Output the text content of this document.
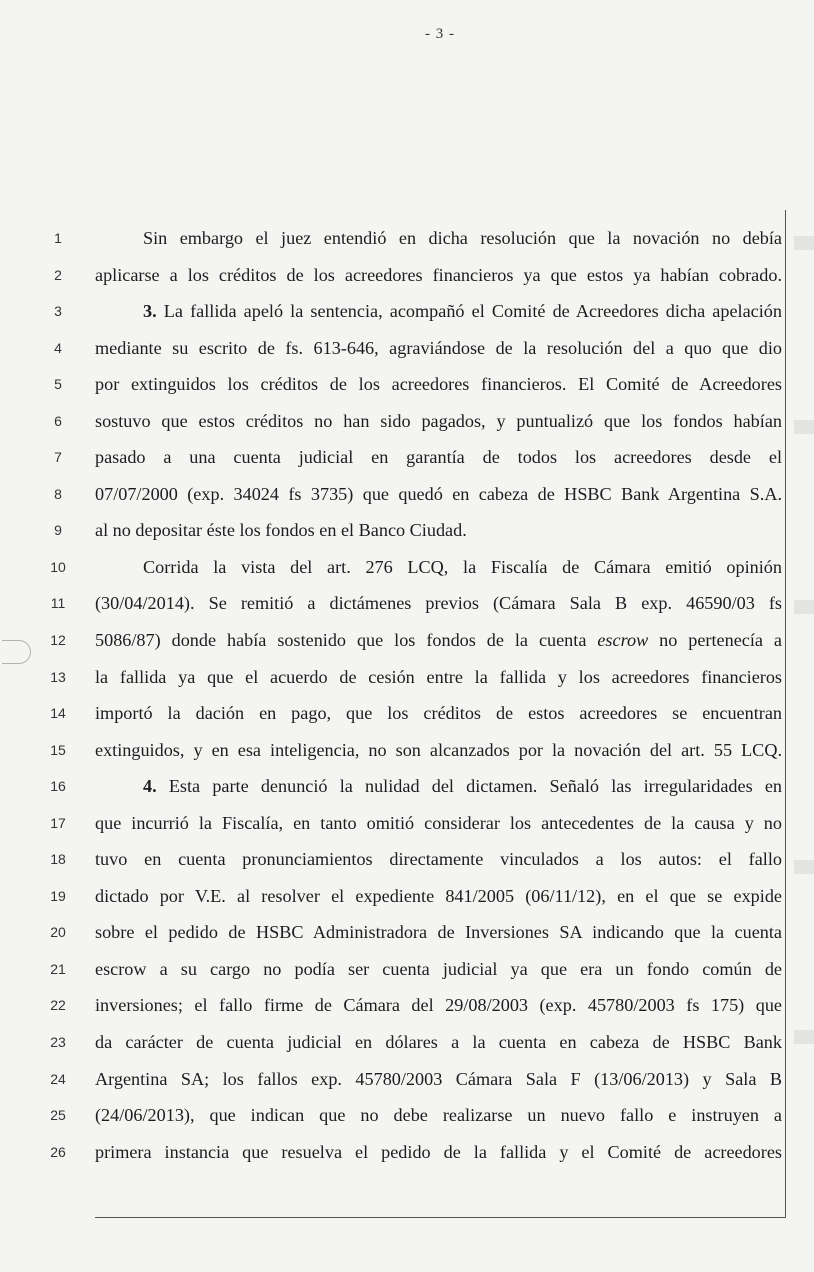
- 3 -
1
2
3
4
5
6
7
8
9
10
11
12
13
14
15
16
17
18
19
20
21
22
23
24
25
26
Sin embargo el juez entendió en dicha resolución que la novación no debía
aplicarse a los créditos de los acreedores financieros ya que estos ya habían cobrado.
3. La fallida apeló la sentencia, acompañó el Comité de Acreedores dicha apelación
mediante su escrito de fs. 613-646, agraviándose de la resolución del a quo que dio
por extinguidos los créditos de los acreedores financieros. El Comité de Acreedores
sostuvo que estos créditos no han sido pagados, y puntualizó que los fondos habían
pasado a una cuenta judicial en garantía de todos los acreedores desde el
07/07/2000 (exp. 34024 fs 3735) que quedó en cabeza de HSBC Bank Argentina S.A.
al no depositar éste los fondos en el Banco Ciudad.
Corrida la vista del art. 276 LCQ, la Fiscalía de Cámara emitió opinión
(30/04/2014). Se remitió a dictámenes previos (Cámara Sala B exp. 46590/03 fs
5086/87) donde había sostenido que los fondos de la cuenta escrow no pertenecía a
la fallida ya que el acuerdo de cesión entre la fallida y los acreedores financieros
importó la dación en pago, que los créditos de estos acreedores se encuentran
extinguidos, y en esa inteligencia, no son alcanzados por la novación del art. 55 LCQ.
4. Esta parte denunció la nulidad del dictamen. Señaló las irregularidades en
que incurrió la Fiscalía, en tanto omitió considerar los antecedentes de la causa y no
tuvo en cuenta pronunciamientos directamente vinculados a los autos: el fallo
dictado por V.E. al resolver el expediente 841/2005 (06/11/12), en el que se expide
sobre el pedido de HSBC Administradora de Inversiones SA indicando que la cuenta
escrow a su cargo no podía ser cuenta judicial ya que era un fondo común de
inversiones; el fallo firme de Cámara del 29/08/2003 (exp. 45780/2003 fs 175) que
da carácter de cuenta judicial en dólares a la cuenta en cabeza de HSBC Bank
Argentina SA; los fallos exp. 45780/2003 Cámara Sala F (13/06/2013) y Sala B
(24/06/2013), que indican que no debe realizarse un nuevo fallo e instruyen a
primera instancia que resuelva el pedido de la fallida y el Comité de acreedores
